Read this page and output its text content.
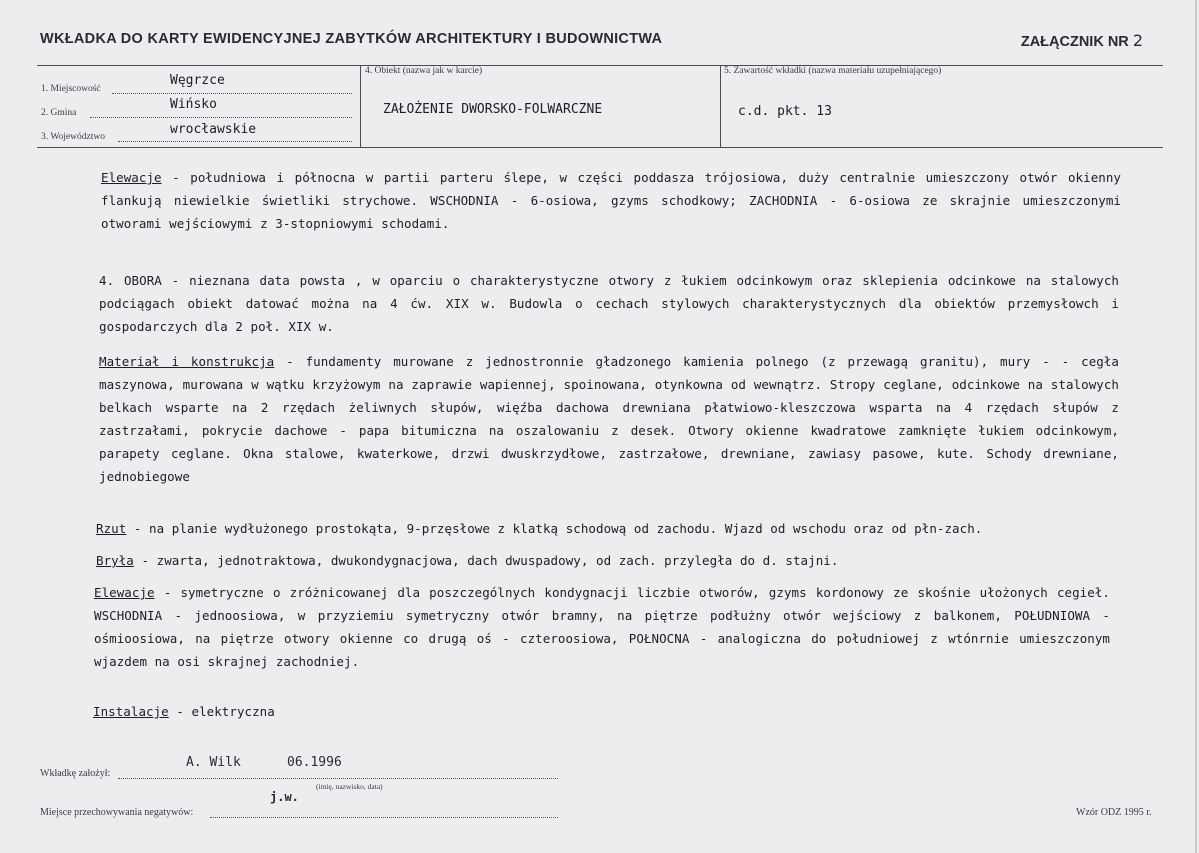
WKŁADKA DO KARTY EWIDENCYJNEJ ZABYTKÓW ARCHITEKTURY I BUDOWNICTWA	ZAŁĄCZNIK NR 2
1. Miejscowość
Węgrzce
2. Gmina
Wińsko
3. Województwo	wrocławskie
4. Obiekt (nazwa jak w karcie)
ZAŁOŻENIE DWORSKO-FOLWARCZNE
5. Zawartość wkładki (nazwa materiału uzupełniającego)
c.d. pkt. 13
Elewacje - południowa i północna w partii parteru ślepe, w części poddasza trójosiowa, duży centralnie umieszczony otwór okienny flankują niewielkie świetliki strychowe. WSCHODNIA - 6-osiowa, gzyms schodkowy; ZACHODNIA - 6-osiowa ze skrajnie umieszczonymi otworami wejściowymi z 3-stopniowymi schodami.
4. OBORA - nieznana data powsta , w oparciu o charakterystyczne otwory z łukiem odcinkowym oraz sklepienia odcinkowe na stalowych podciągach obiekt datować można na 4 ćw. XIX w. Budowla o cechach stylowych charakterystycznych dla obiektów przemysłowch i gospodarczych dla 2 poł. XIX w.
Materiał i konstrukcja - fundamenty murowane z jednostronnie gładzonego kamienia polnego (z przewagą granitu), mury - - cegła maszynowa, murowana w wątku krzyżowym na zaprawie wapiennej, spoinowana, otynkowna od wewnątrz. Stropy ceglane, odcinkowe na stalowych belkach wsparte na 2 rzędach żeliwnych słupów, więźba dachowa drewniana płatwiowo-kleszczowa wsparta na 4 rzędach słupów z zastrzałami, pokrycie dachowe - papa bitumiczna na oszalowaniu z desek. Otwory okienne kwadratowe zamknięte łukiem odcinkowym, parapety ceglane. Okna stalowe, kwaterkowe, drzwi dwuskrzydłowe, zastrzałowe, drewniane, zawiasy pasowe, kute. Schody drewniane, jednobiegowe
Rzut - na planie wydłużonego prostokąta, 9-przęsłowe z klatką schodową od zachodu. Wjazd od wschodu oraz od płn-zach.
Bryła - zwarta, jednotraktowa, dwukondygnacjowa, dach dwuspadowy, od zach. przyległa do d. stajni.
Elewacje - symetryczne o zróżnicowanej dla poszczególnych kondygnacji liczbie otworów, gzyms kordonowy ze skośnie ułożonych cegieł. WSCHODNIA - jednoosiowa, w przyziemiu symetryczny otwór bramny, na piętrze podłużny otwór wejściowy z balkonem, POŁUDNIOWA - ośmioosiowa, na piętrze otwory okienne co drugą oś - czteroosiowa, POŁNOCNA - analogiczna do południowej z wtónrnie umieszczonym wjazdem na osi skrajnej zachodniej.
Instalacje - elektryczna
Wkładkę założył:
A. Wilk	06.1996
(imię, nazwisko, data)
Miejsce przechowywania negatywów:
j.w.
Wzór ODZ 1995 r.
